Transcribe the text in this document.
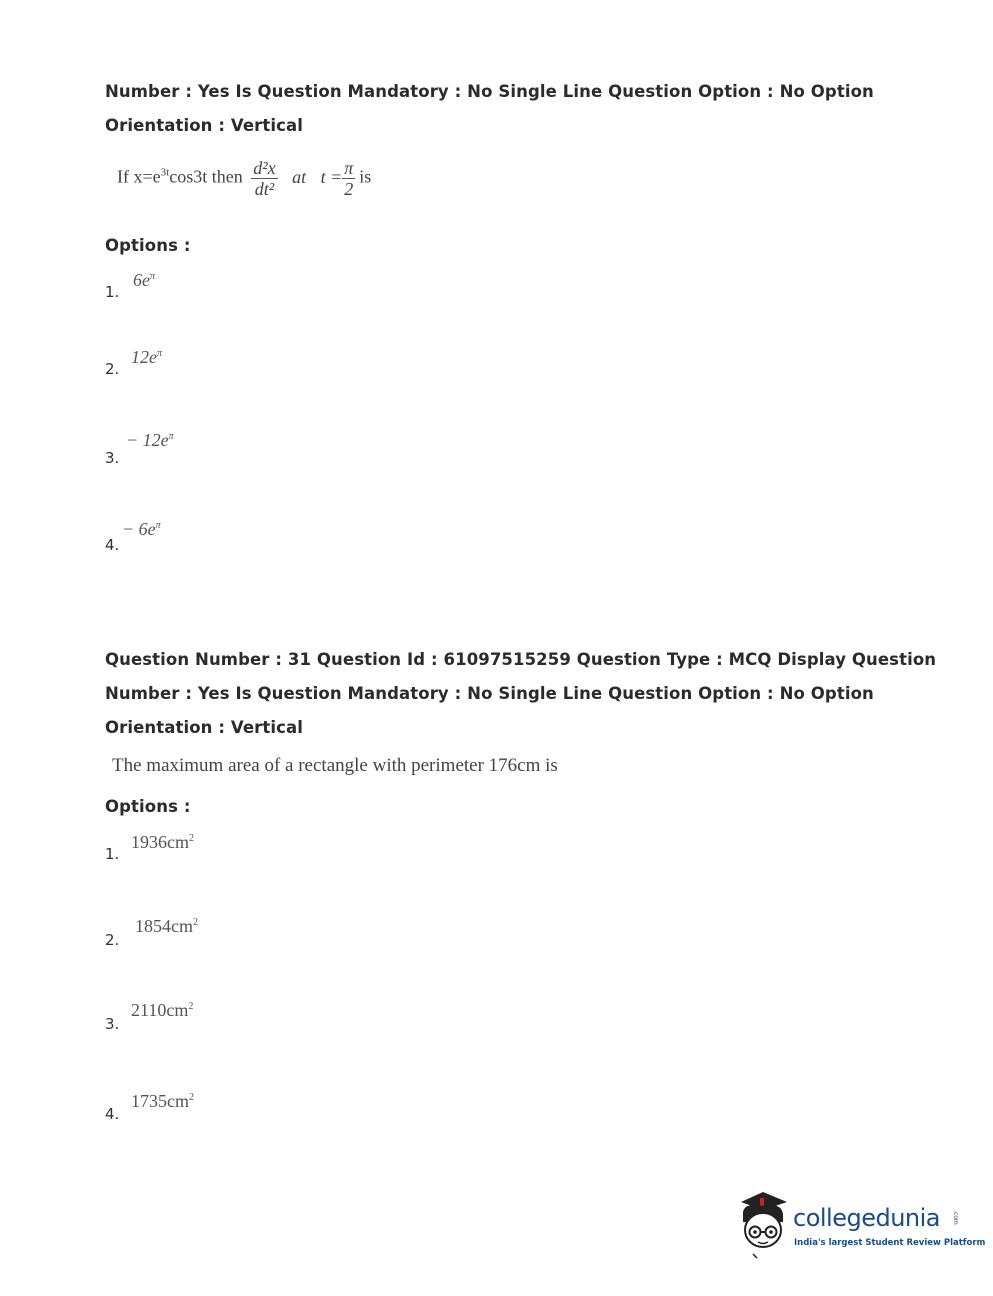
Number : Yes Is Question Mandatory : No Single Line Question Option : No Option
Orientation : Vertical
If $x=e^{3t}\cos 3t$ then $\frac{\text{d²x}}{\text{dt²}}$ at $t = \frac{\pi}{2}$ is
Options :
1.
$6e^\pi$
2.
$12e^\pi$
3.
− $12e^\pi$
4.
− $6e^\pi$
Question Number : 31 Question Id : 61097515259 Question Type : MCQ Display Question
Number : Yes Is Question Mandatory : No Single Line Question Option : No Option
Orientation : Vertical
The maximum area of a rectangle with perimeter 176cm is
Options :
1.
$1936cm^2$
2.
$1854cm^2$
3.
$2110cm^2$
4.
$1735cm^2$
collegedunia .com
India's largest Student Review Platform
